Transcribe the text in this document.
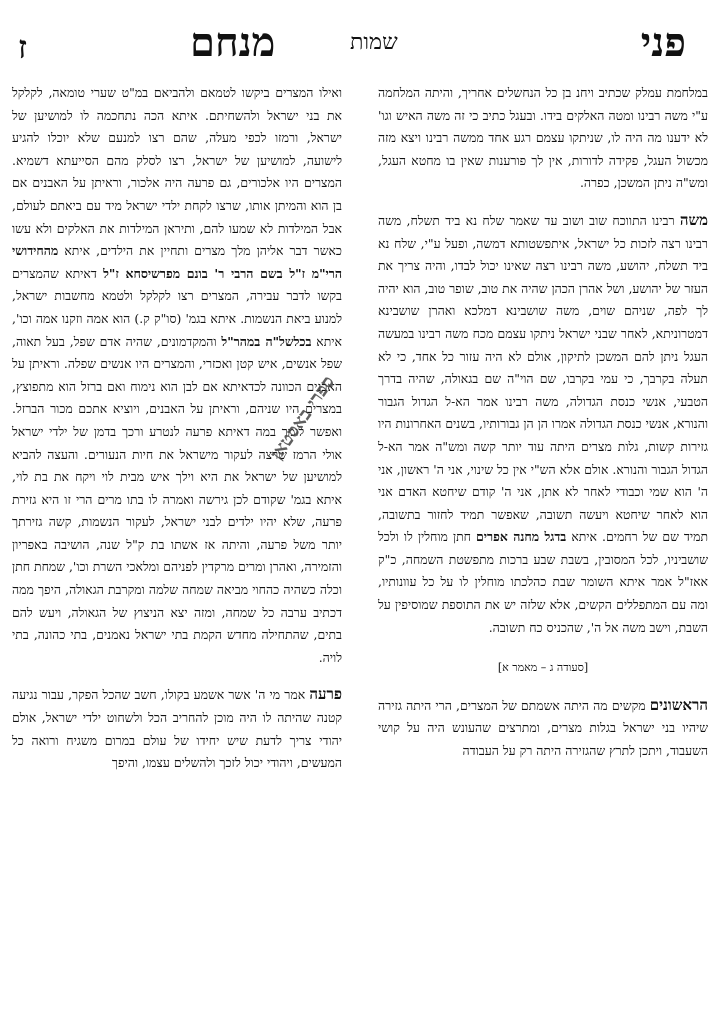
פני
שמות
מנחם
ז

במלחמת עמלק שכתיב ויחנ בן כל הנחשלים אחריך, והיתה המלחמה ע"י משה רבינו ומטה האלקים בידו. ובעגל כתיב כי זה משה האיש וגו' לא ידענו מה היה לו, שניתקו עצמם רגע אחד ממשה רבינו ויצא מזה מכשול העגל, פקידה לדורות, אין לך פורענות שאין בו מחטא העגל, ומש"ה ניתן המשכן, כפרה.

משה רבינו התווכח שוב ושוב עד שאמר שלח נא ביד תשלח, משה רבינו רצה לזכות כל ישראל, איתפשטותא דמשה, ופעל ע"י, שלח נא ביד תשלח, יהושע, משה רבינו רצה שאינו יכול לבדו, והיה צריך את העזר של יהושע, ושל אהרן הכהן שהיה את טוב, שופר טוב, הוא יהיה לך לפה, שניהם שוים, משה שושבינא דמלכא ואהרן שושבינא דמטרוניתא, לאחר שבני ישראל ניתקו עצמם מכח משה רבינו במעשה העגל ניתן להם המשכן לתיקון, אולם לא היה עזור כל אחד, כי לא תעלה בקרבך, כי עמי בקרבו, שם הוי"ה שם בגאולה, שהיה בדרך הטבעי, אנשי כנסת הגדולה, משה רבינו אמר הא-ל הגדול הגבור והנורא, אנשי כנסת הגדולה אמרו הן הן גבורותיו, בשנים האחרונות היו גזירות קשות, גלות מצרים היתה עוד יותר קשה ומש"ה אמר הא-ל הגדול הגבור והנורא. אולם אלא הש"י אין כל שינוי, אני ה' ראשון, אני ה' הוא שמי וכבודי לאחר לא אתן, אני ה' קודם שיחטא האדם אני הוא לאחר שיחטא ויעשה תשובה, שאפשר תמיד לחזור בתשובה, תמיד שם של רחמים. איתא בדגל מחנה אפרים חתן מוחלין לו ולכל שושביניו, לכל המסובין, בשבת שבע ברכות מתפשטת השמחה, כ"ק אאז"ל אמר איתא השומר שבת כהלכתו מוחלין לו על כל עוונותיו, ומה עם המתפללים הקשים, אלא שלזה יש את התוספת שמוסיפין על השבת, וישב משה אל ה', שהכניס כח תשובה.

[סעודה ג – מאמר א]

הראשונים מקשים מה היתה אשמתם של המצרים, הרי היתה גזירה שיהיו בני ישראל בגלות מצרים, ומתרצים שהעונש היה על קושי השעבוד, ויתכן לתרץ שהגזירה היתה רק על העבודה

ואילו המצרים ביקשו לטמאם ולהביאם במ"ט שערי טומאה, לקלקל את בני ישראל ולהשחיתם. איתא הכה נתחכמה לו למושיען של ישראל, ורמזו לכפי מעלה, שהם רצו למנעם שלא יוכלו להגיע לישועה, למושיען של ישראל, רצו לסלק מהם הסייעתא דשמיא. המצרים היו אלכורים, גם פרעה היה אלכור, וראיתן על האבנים אם בן הוא והמיתן אותו, שרצו לקחת ילדי ישראל מיד עם ביאתם לעולם, אבל המילדות לא שמעו להם, ותיראן המילדות את האלקים ולא עשו כאשר דבר אליהן מלך מצרים ותחיין את הילדים, איתא מהחידושי הרי"מ ז"ל בשם הרבי ר' בונם מפרשיסחא ז"ל דאיתא שהמצרים בקשו לדבר עבירה, המצרים רצו לקלקל ולטמא מחשבות ישראל, למנוע ביאת הנשמות. איתא בגמ' (סו"ק ק.) הוא אמה וזקנו אמה וכו', איתא בכלשל"ה במהר"ל והמקדמונים, שהיה אדם שפל, בעל תאוה, שפל אנשים, איש קטן ואכזרי, והמצרים היו אנשים שפלה. וראיתן על האבנים הכוונה לכדאיתא אם לבן הוא נימוח ואם ברזל הוא מתפוצץ, במצרים היו שניהם, וראיתן על האבנים, ויוציא אתכם מכור הברזל. ואפשר לומר במה דאיתא פרעה לנטרע ורכך בדמן של ילדי ישראל אולי הרמז שרצה לעקור מישראל את חיות הנעורים. והעצה להביא למושיען של ישראל את היא וילך איש מבית לוי ויקח את בת לוי, איתא בגמ' שקודם לכן גירשה ואמרה לו בתו מרים הרי זו היא גזירת פרעה, שלא יהיו ילדים לבני ישראל, לעקור הנשמות, קשה גזירתך יותר משל פרעה, והיתה אז אשתו בת ק"ל שנה, הושיבה באפריון והזמירה, ואהרן ומרים מרקדין לפניהם ומלאכי השרת וכו', שמחת חתן וכלה כשהיה כהחוי מביאה שמחה שלמה ומקרבת הגאולה, היפך ממה דכתיב ערבה כל שמחה, ומזה יצא הניצוץ של הגאולה, ויעש להם בתים, שהתחילה מחדש הקמת בתי ישראל נאמנים, בתי כהונה, בתי לויה.

פרעה אמר מי ה' אשר אשמע בקולו, חשב שהכל הפקר, עבור נגיעה קטנה שהיתה לו היה מוכן להחריב הכל ולשחוט ילדי ישראל, אולם יהודי צריך לדעת שיש יחידו של עולם במרום משגיח ורואה כל המעשים, ויהודי יכול לזכך ולהשלים עצמו, והיפך

ספרי באסטאן
